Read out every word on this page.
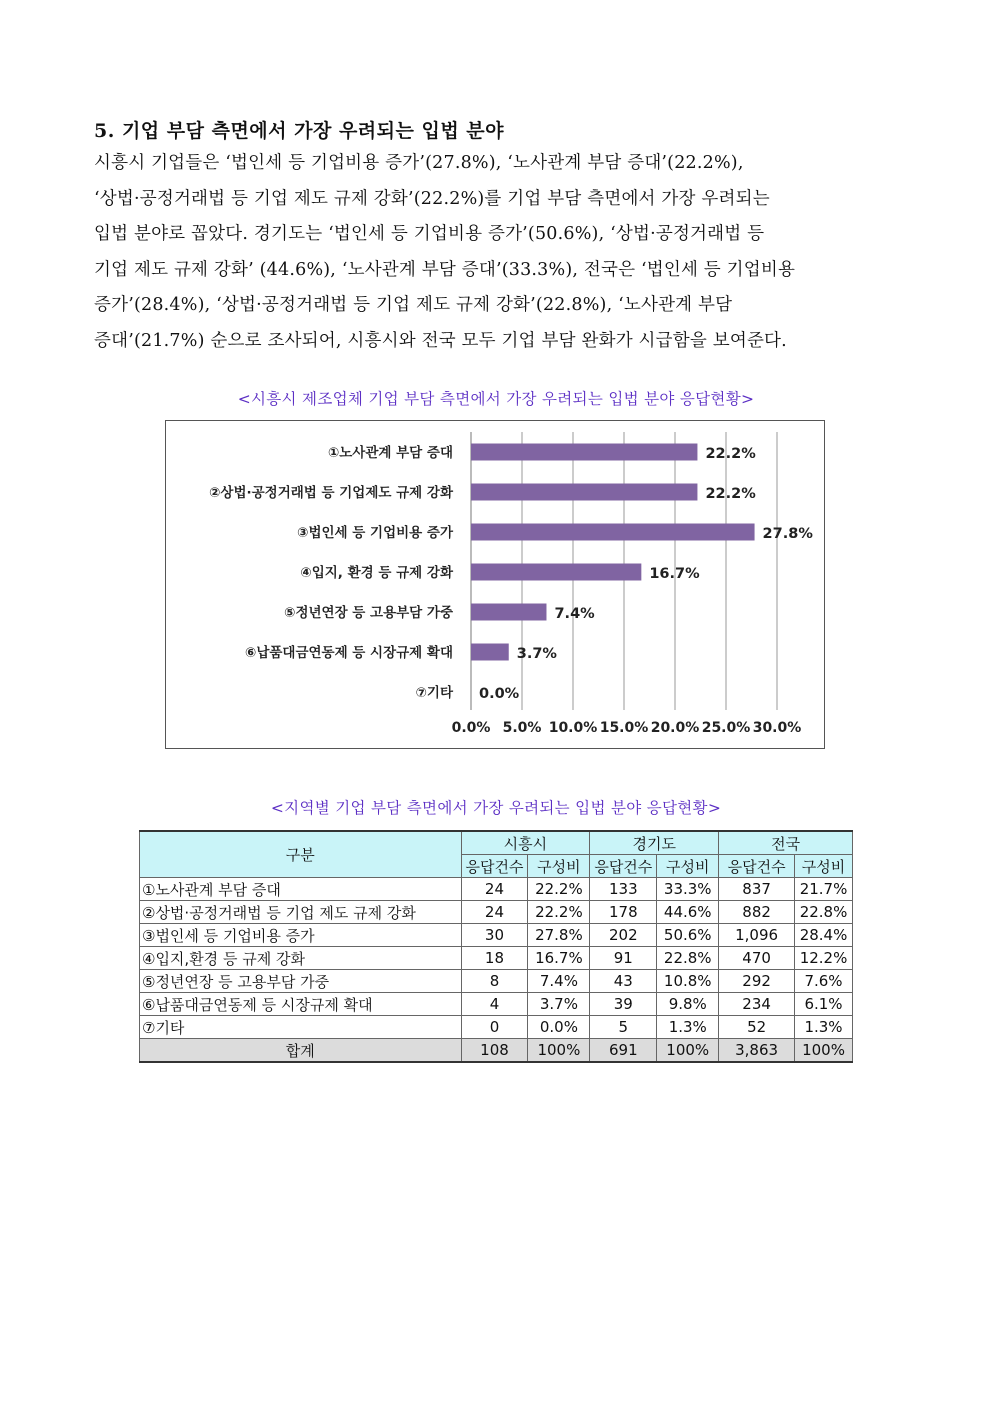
5. 기업 부담 측면에서 가장 우려되는 입법 분야
시흥시 기업들은 ‘법인세 등 기업비용 증가’(27.8%), ‘노사관계 부담 증대’(22.2%),
‘상법·공정거래법 등 기업 제도 규제 강화’(22.2%)를 기업 부담 측면에서 가장 우려되는
입법 분야로 꼽았다. 경기도는 ‘법인세 등 기업비용 증가’(50.6%), ‘상법·공정거래법 등
기업 제도 규제 강화’ (44.6%), ‘노사관계 부담 증대’(33.3%), 전국은 ‘법인세 등 기업비용
증가’(28.4%), ‘상법·공정거래법 등 기업 제도 규제 강화’(22.8%), ‘노사관계 부담
증대’(21.7%) 순으로 조사되어, 시흥시와 전국 모두 기업 부담 완화가 시급함을 보여준다.
<시흥시 제조업체 기업 부담 측면에서 가장 우려되는 입법 분야 응답현황>
0.0% 5.0% 10.0% 15.0% 20.0% 25.0% 30.0%
①노사관계 부담 증대	22.2%
②상법·공정거래법 등 기업제도 규제 강화	22.2%
③법인세 등 기업비용 증가	27.8%
④입지, 환경 등 규제 강화	16.7%
⑤정년연장 등 고용부담 가중	7.4%
⑥납품대금연동제 등 시장규제 확대	3.7%
⑦기타 0.0%
<지역별 기업 부담 측면에서 가장 우려되는 입법 분야 응답현황>
구분	시흥시		경기도		전국	
	응답건수	구성비	응답건수	구성비	응답건수	구성비
①노사관계 부담 증대	24	22.2%	133	33.3%	837	21.7%
②상법·공정거래법 등 기업 제도 규제 강화	24	22.2%	178	44.6%	882	22.8%
③법인세 등 기업비용 증가	30	27.8%	202	50.6%	1,096	28.4%
④입지,환경 등 규제 강화	18	16.7%	91	22.8%	470	12.2%
⑤정년연장 등 고용부담 가중	8	7.4%	43	10.8%	292	7.6%
⑥납품대금연동제 등 시장규제 확대	4	3.7%	39	9.8%	234	6.1%
⑦기타	0	0.0%	5	1.3%	52	1.3%
합계	108	100%	691	100%	3,863	100%
